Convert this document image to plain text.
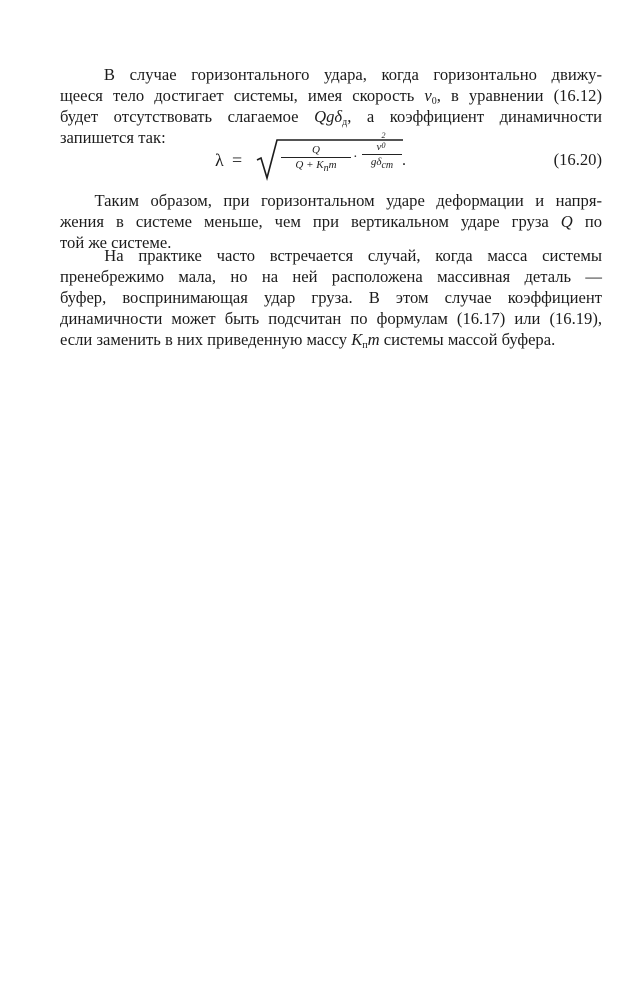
В случае горизонтального удара, когда горизонтально движу-
щееся тело достигает системы, имея скорость $v_0$, в уравнении (16.12)
будет отсутствовать слагаемое Qgδ$_д$, а коэффициент динамичности
запишется так:
λ =	Q
$Q + K_пm$	·
v
2
0
$g\delta_{ст}$ .	(16.20)
Таким образом, при горизонтальном ударе деформации и напря-
жения в системе меньше, чем при вертикальном ударе груза Q по
той же системе.
На практике часто встречается случай, когда масса системы
пренебрежимо мала, но на ней расположена массивная деталь —
буфер, воспринимающая удар груза. В этом случае коэффициент
динамичности может быть подсчитан по формулам (16.17) или (16.19),
если заменить в них приведенную массу $K_пm$ системы массой буфера.
